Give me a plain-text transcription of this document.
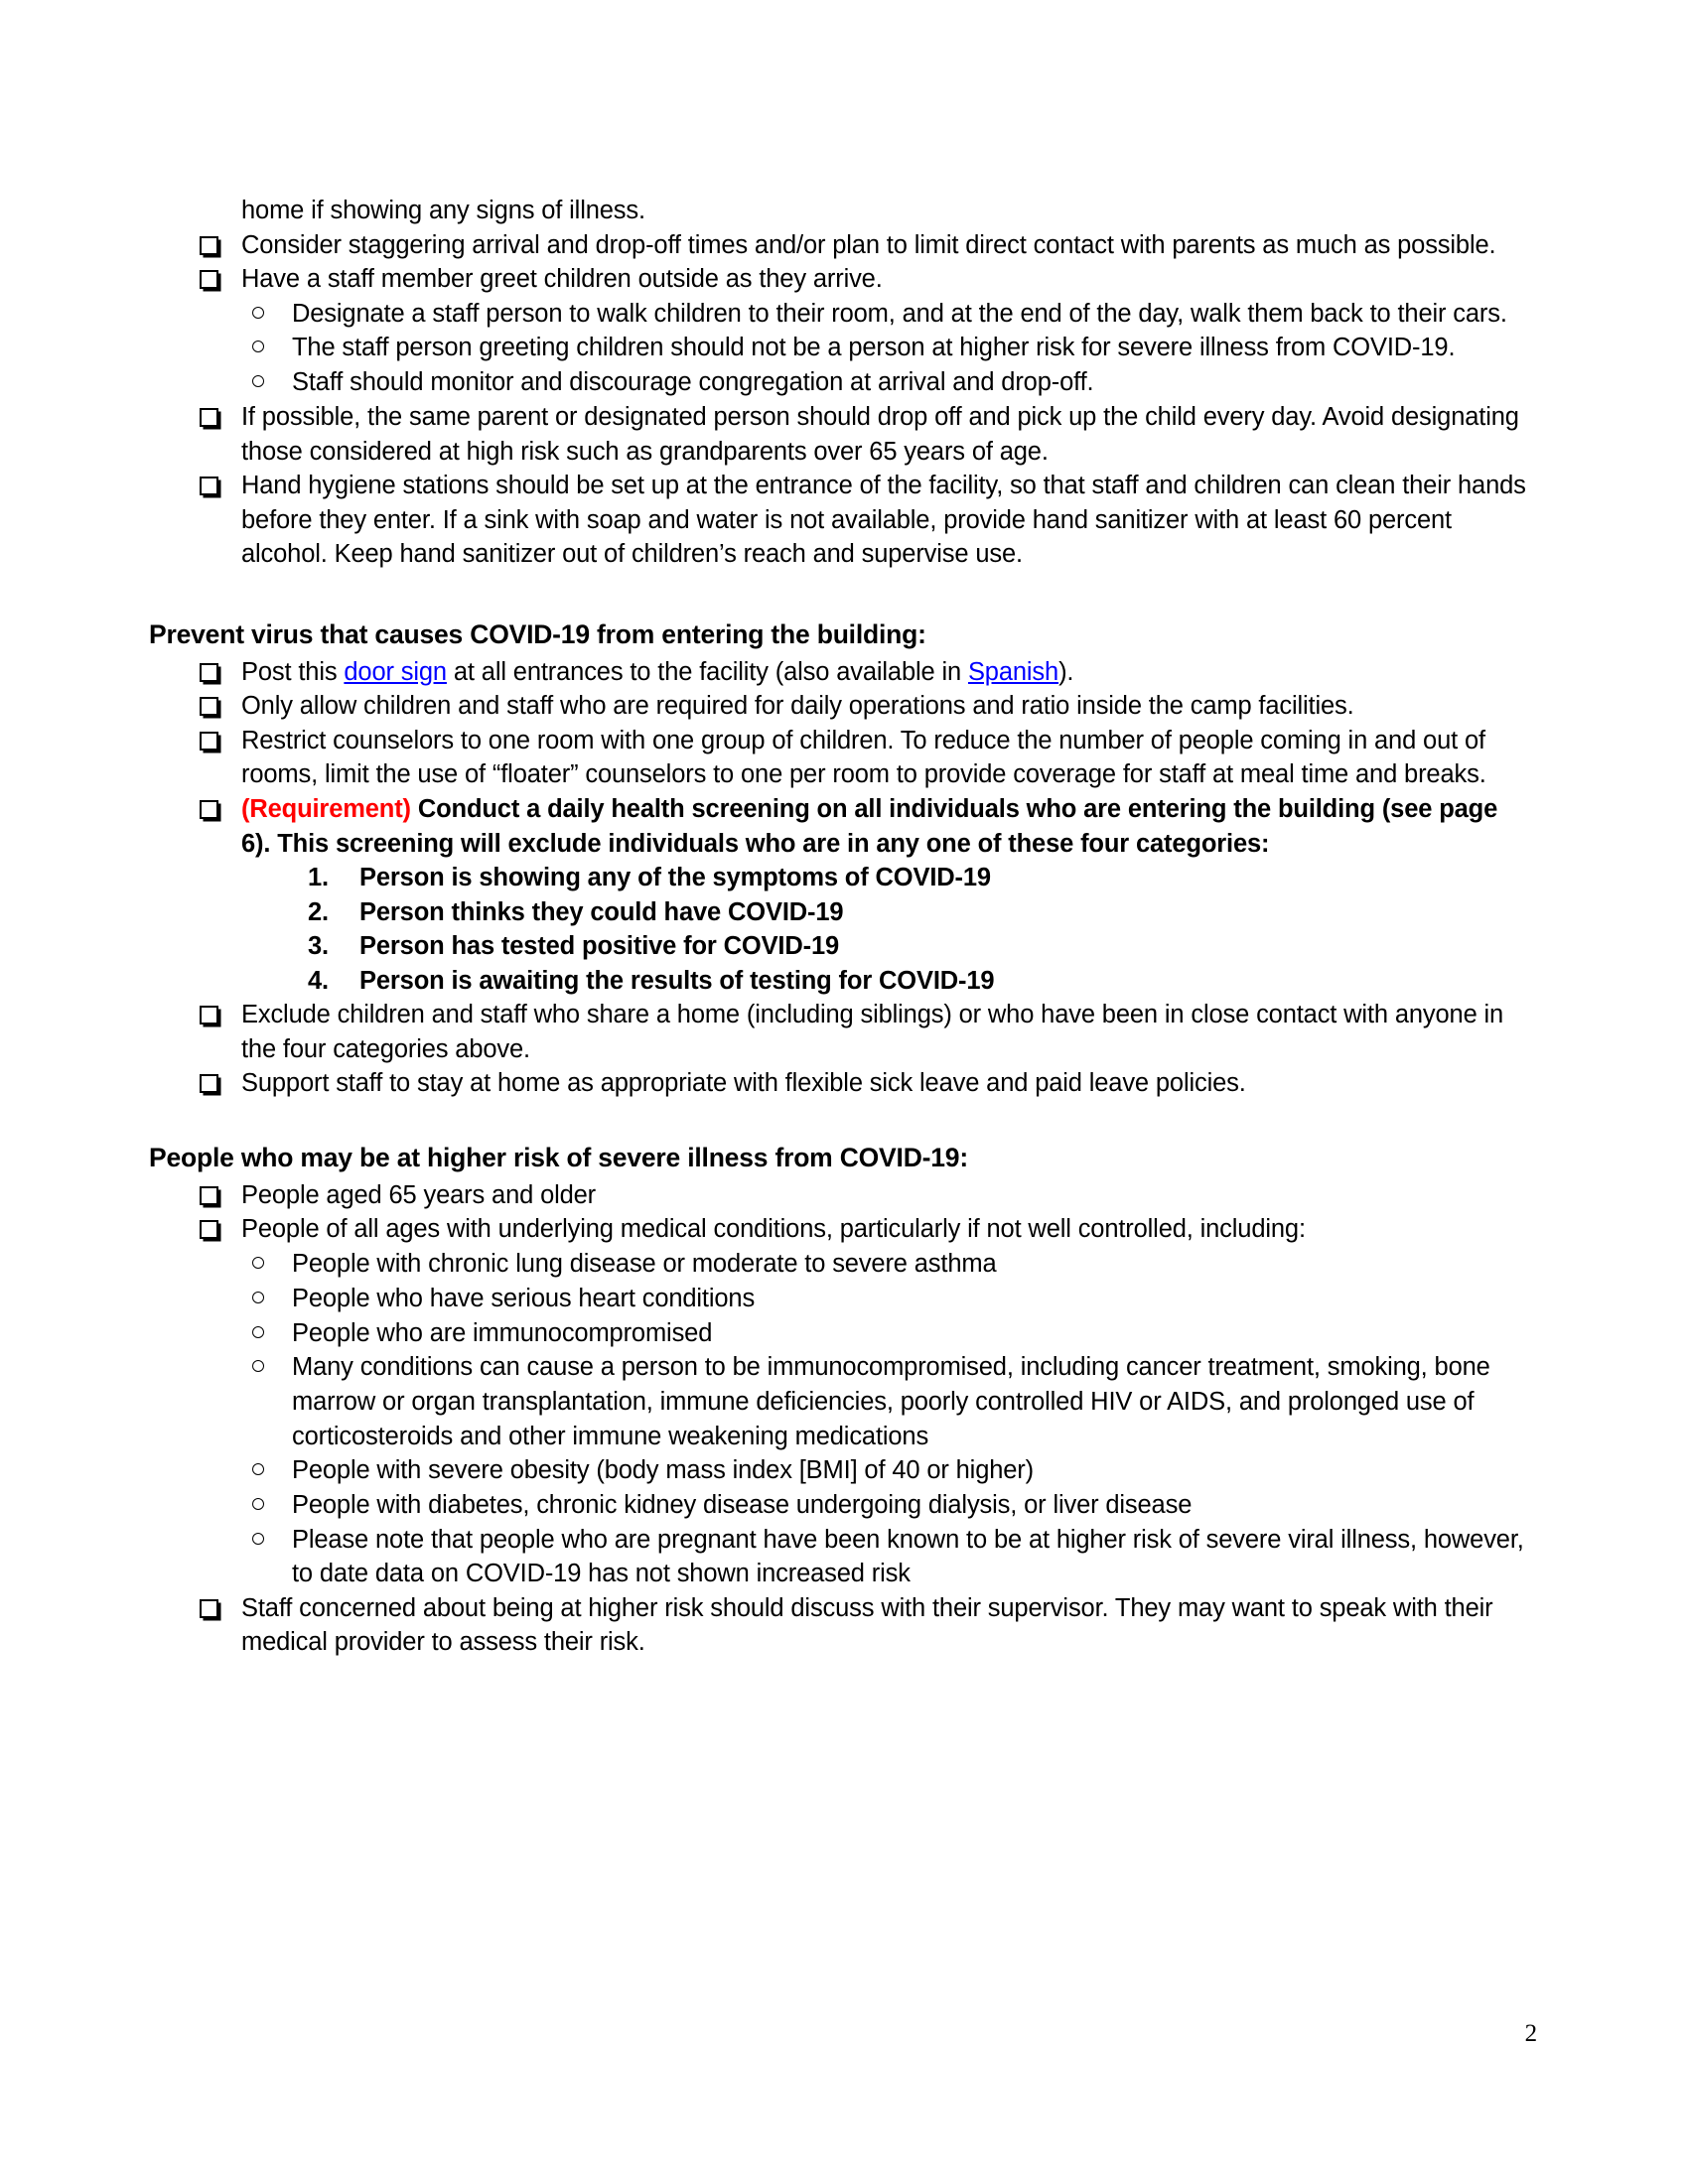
home if showing any signs of illness.
Consider staggering arrival and drop-off times and/or plan to limit direct contact with parents as much as possible.
Have a staff member greet children outside as they arrive.
Designate a staff person to walk children to their room, and at the end of the day, walk them back to their cars.
The staff person greeting children should not be a person at higher risk for severe illness from COVID-19.
Staff should monitor and discourage congregation at arrival and drop-off.
If possible, the same parent or designated person should drop off and pick up the child every day. Avoid designating those considered at high risk such as grandparents over 65 years of age.
Hand hygiene stations should be set up at the entrance of the facility, so that staff and children can clean their hands before they enter. If a sink with soap and water is not available, provide hand sanitizer with at least 60 percent alcohol. Keep hand sanitizer out of children’s reach and supervise use.
Prevent virus that causes COVID-19 from entering the building:
Post this door sign at all entrances to the facility (also available in Spanish).
Only allow children and staff who are required for daily operations and ratio inside the camp facilities.
Restrict counselors to one room with one group of children. To reduce the number of people coming in and out of rooms, limit the use of “floater” counselors to one per room to provide coverage for staff at meal time and breaks.
(Requirement) Conduct a daily health screening on all individuals who are entering the building (see page 6). This screening will exclude individuals who are in any one of these four categories:
1.	Person is showing any of the symptoms of COVID-19
2.	Person thinks they could have COVID-19
3.	Person has tested positive for COVID-19
4.	Person is awaiting the results of testing for COVID-19
Exclude children and staff who share a home (including siblings) or who have been in close contact with anyone in the four categories above.
Support staff to stay at home as appropriate with flexible sick leave and paid leave policies.
People who may be at higher risk of severe illness from COVID-19:
People aged 65 years and older
People of all ages with underlying medical conditions, particularly if not well controlled, including:
People with chronic lung disease or moderate to severe asthma
People who have serious heart conditions
People who are immunocompromised
Many conditions can cause a person to be immunocompromised, including cancer treatment, smoking, bone marrow or organ transplantation, immune deficiencies, poorly controlled HIV or AIDS, and prolonged use of corticosteroids and other immune weakening medications
People with severe obesity (body mass index [BMI] of 40 or higher)
People with diabetes, chronic kidney disease undergoing dialysis, or liver disease
Please note that people who are pregnant have been known to be at higher risk of severe viral illness, however, to date data on COVID-19 has not shown increased risk
Staff concerned about being at higher risk should discuss with their supervisor. They may want to speak with their medical provider to assess their risk.
2
